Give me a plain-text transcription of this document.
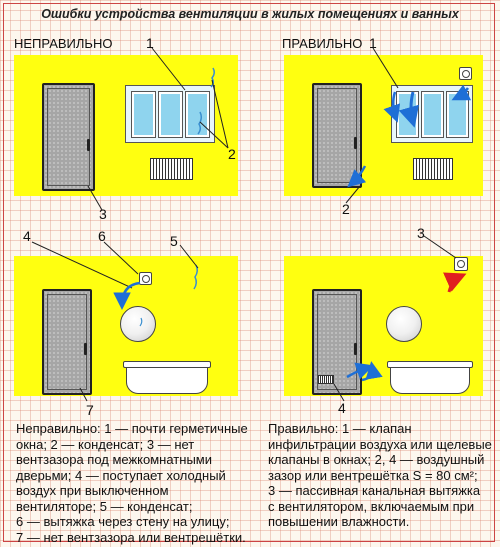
Ошибки устройства вентиляции в жилых помещениях и ванных
НЕПРАВИЛЬНО	ПРАВИЛЬНО
1
2
3
1
2
4	6	5	3
7	4
Неправильно: 1 — почти герметичные
окна; 2 — конденсат; 3 — нет
вентзазора под межкомнатными
дверьми; 4 — поступает холодный
воздух при выключенном
вентиляторе; 5 — конденсат;
6 — вытяжка через стену на улицу;
7 — нет вентзазора или вентрешётки.
Правильно: 1 — клапан
инфильтрации воздуха или щелевые
клапаны в окнах; 2, 4 — воздушный
зазор или вентрешётка S = 80 см²;
3 — пассивная канальная вытяжка
с вентилятором, включаемым при
повышении влажности.
